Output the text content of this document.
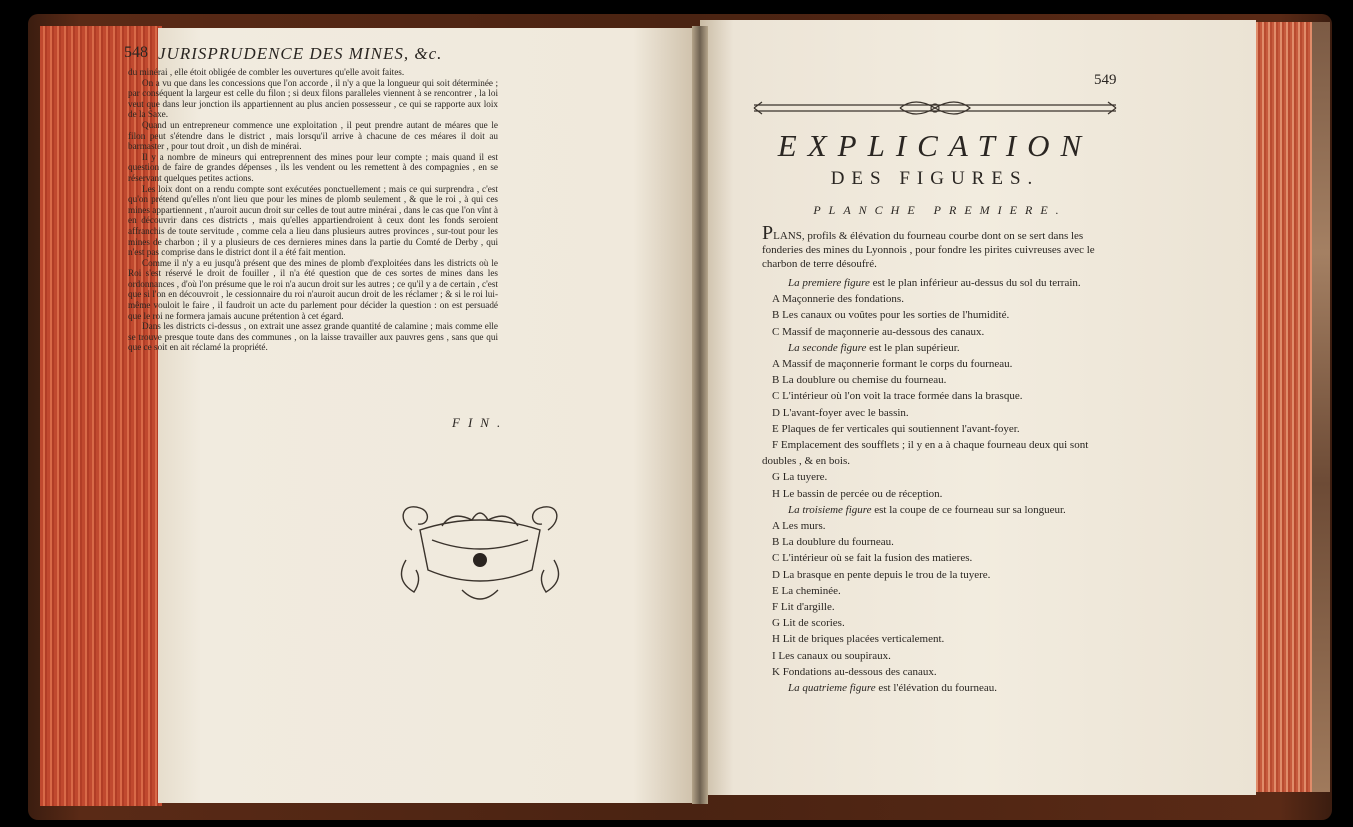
548 JURISPRUDENCE DES MINES, &c.

du minérai , elle étoit obligée de combler les ouvertures qu'elle avoit faites.

On a vu que dans les concessions que l'on accorde , il n'y a que la longueur qui soit déterminée ; par conséquent la largeur est celle du filon ; si deux filons paralleles viennent à se rencontrer , la loi veut que dans leur jonction ils appartiennent au plus ancien possesseur , ce qui se rapporte aux loix de la Saxe.

Quand un entrepreneur commence une exploitation , il peut prendre autant de méares que le filon peut s'étendre dans le district , mais lorsqu'il arrive à chacune de ces méares il doit au barmaster , pour tout droit , un dish de minérai.

Il y a nombre de mineurs qui entreprennent des mines pour leur compte ; mais quand il est question de faire de grandes dépenses , ils les vendent ou les remettent à des compagnies , en se réservant quelques petites actions.

Les loix dont on a rendu compte sont exécutées ponctuellement ; mais ce qui surprendra , c'est qu'on prétend qu'elles n'ont lieu que pour les mines de plomb seulement , & que le roi , à qui ces mines appartiennent , n'auroit aucun droit sur celles de tout autre minérai , dans le cas que l'on vînt à en découvrir dans ces districts , mais qu'elles appartiendroient à ceux dont les fonds seroient affranchis de toute servitude , comme cela a lieu dans plusieurs autres provinces , sur-tout pour les mines de charbon ; il y a plusieurs de ces dernieres mines dans la partie du Comté de Derby , qui n'est pas comprise dans le district dont il a été fait mention.

Comme il n'y a eu jusqu'à présent que des mines de plomb d'exploitées dans les districts où le Roi s'est réservé le droit de fouiller , il n'a été question que de ces sortes de mines dans les ordonnances , d'où l'on présume que le roi n'a aucun droit sur les autres ; ce qu'il y a de certain , c'est que si l'on en découvroit , le cessionnaire du roi n'auroit aucun droit de les réclamer ; & si le roi lui-même vouloit le faire , il faudroit un acte du parlement pour décider la question : on est persuadé que le roi ne formera jamais aucune prétention à cet égard.

Dans les districts ci-dessus , on extrait une assez grande quantité de calamine ; mais comme elle se trouve presque toute dans des communes , on la laisse travailler aux pauvres gens , sans que qui que ce soit en ait réclamé la propriété.

FIN.
549
EXPLICATION
DES FIGURES.
PLANCHE PREMIERE.
PLANS, profils & élévation du fourneau courbe dont on se sert dans les fonderies des mines du Lyonnois , pour fondre les pirites cuivreuses avec le charbon de terre désoufré.
La premiere figure est le plan inférieur au-dessus du sol du terrain.
A Maçonnerie des fondations.
B Les canaux ou voûtes pour les sorties de l'humidité.
C Massif de maçonnerie au-dessous des canaux.
La seconde figure est le plan supérieur.
A Massif de maçonnerie formant le corps du fourneau.
B La doublure ou chemise du fourneau.
C L'intérieur où l'on voit la trace formée dans la brasque.
D L'avant-foyer avec le bassin.
E Plaques de fer verticales qui soutiennent l'avant-foyer.
F Emplacement des soufflets ; il y en a à chaque fourneau deux qui sont
doubles , & en bois.
G La tuyere.
H Le bassin de percée ou de réception.
La troisieme figure est la coupe de ce fourneau sur sa longueur.
A Les murs.
B La doublure du fourneau.
C L'intérieur où se fait la fusion des matieres.
D La brasque en pente depuis le trou de la tuyere.
E La cheminée.
F Lit d'argille.
G Lit de scories.
H Lit de briques placées verticalement.
I Les canaux ou soupiraux.
K Fondations au-dessous des canaux.
La quatrieme figure est l'élévation du fourneau.
